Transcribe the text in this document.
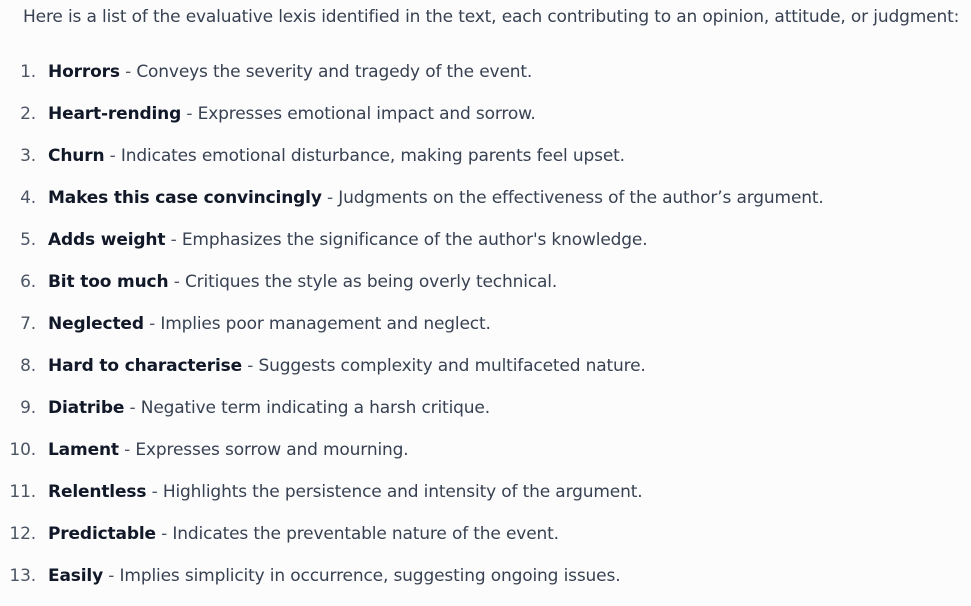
Here is a list of the evaluative lexis identified in the text, each contributing to an opinion, attitude, or judgment:

1. Horrors - Conveys the severity and tragedy of the event.
2. Heart-rending - Expresses emotional impact and sorrow.
3. Churn - Indicates emotional disturbance, making parents feel upset.
4. Makes this case convincingly - Judgments on the effectiveness of the author’s argument.
5. Adds weight - Emphasizes the significance of the author's knowledge.
6. Bit too much - Critiques the style as being overly technical.
7. Neglected - Implies poor management and neglect.
8. Hard to characterise - Suggests complexity and multifaceted nature.
9. Diatribe - Negative term indicating a harsh critique.
10. Lament - Expresses sorrow and mourning.
11. Relentless - Highlights the persistence and intensity of the argument.
12. Predictable - Indicates the preventable nature of the event.
13. Easily - Implies simplicity in occurrence, suggesting ongoing issues.
